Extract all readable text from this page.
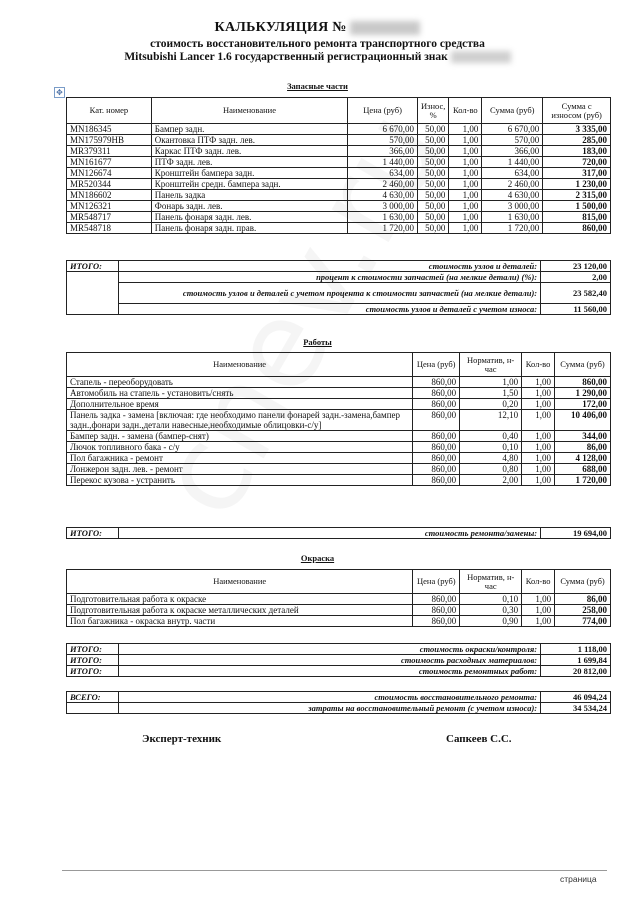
КАЛЬКУЛЯЦИЯ №
стоимость восстановительного ремонта транспортного средства
Mitsubishi Lancer 1.6 государственный регистрационный знак
Запасные части
✥
Кат. номер	Наименование	Цена (руб)	Износ, %	Кол-во	Сумма (руб)	Сумма с износом (руб)
MN186345	Бампер задн.	6 670,00	50,00	1,00	6 670,00	3 335,00
MN175979HB	Окантовка ПТФ задн. лев.	570,00	50,00	1,00	570,00	285,00
MR379311	Каркас ПТФ задн. лев.	366,00	50,00	1,00	366,00	183,00
MN161677	ПТФ задн. лев.	1 440,00	50,00	1,00	1 440,00	720,00
MN126674	Кронштейн бампера задн.	634,00	50,00	1,00	634,00	317,00
MR520344	Кронштейн средн. бампера задн.	2 460,00	50,00	1,00	2 460,00	1 230,00
MN186602	Панель задка	4 630,00	50,00	1,00	4 630,00	2 315,00
MN126321	Фонарь задн. лев.	3 000,00	50,00	1,00	3 000,00	1 500,00
MR548717	Панель фонаря задн. лев.	1 630,00	50,00	1,00	1 630,00	815,00
MR548718	Панель фонаря задн. прав.	1 720,00	50,00	1,00	1 720,00	860,00
ИТОГО:	стоимость узлов и деталей:	23 120,00
	процент к стоимости запчастей (на мелкие детали) (%):	2,00
	стоимость узлов и деталей с учетом процента к стоимости запчастей (на мелкие детали):	23 582,40
	стоимость узлов и деталей с учетом износа:	11 560,00
Работы
Наименование	Цена (руб)	Норматив, н-час	Кол-во	Сумма (руб)
Стапель - переоборудовать	860,00	1,00	1,00	860,00
Автомобиль на стапель - установить/снять	860,00	1,50	1,00	1 290,00
Дополнительное время	860,00	0,20	1,00	172,00
Панель задка - замена [включая: где необходимо панели фонарей задн.-замена,бампер задн.,фонари задн.,детали навесные,необходимые облицовки-с/у]	860,00	12,10	1,00	10 406,00
Бампер задн. - замена (бампер-снят)	860,00	0,40	1,00	344,00
Лючок топливного бака - с/у	860,00	0,10	1,00	86,00
Пол багажника - ремонт	860,00	4,80	1,00	4 128,00
Лонжерон задн. лев. - ремонт	860,00	0,80	1,00	688,00
Перекос кузова - устранить	860,00	2,00	1,00	1 720,00
ИТОГО:	стоимость ремонта/замены:	19 694,00
Окраска
Наименование	Цена (руб)	Норматив, н-час	Кол-во	Сумма (руб)
Подготовительная работа к окраске	860,00	0,10	1,00	86,00
Подготовительная работа к окраске металлических деталей	860,00	0,30	1,00	258,00
Пол багажника - окраска внутр. части	860,00	0,90	1,00	774,00
ИТОГО:	стоимость окраски/контроля:	1 118,00
ИТОГО:	стоимость расходных материалов:	1 699,84
ИТОГО:	стоимость ремонтных работ:	20 812,00
ВСЕГО:	стоимость восстановительного ремонта:	46 094,24
	затраты на восстановительный ремонт (с учетом износа):	34 534,24
Эксперт-техник	Сапкеев С.С.
страница
